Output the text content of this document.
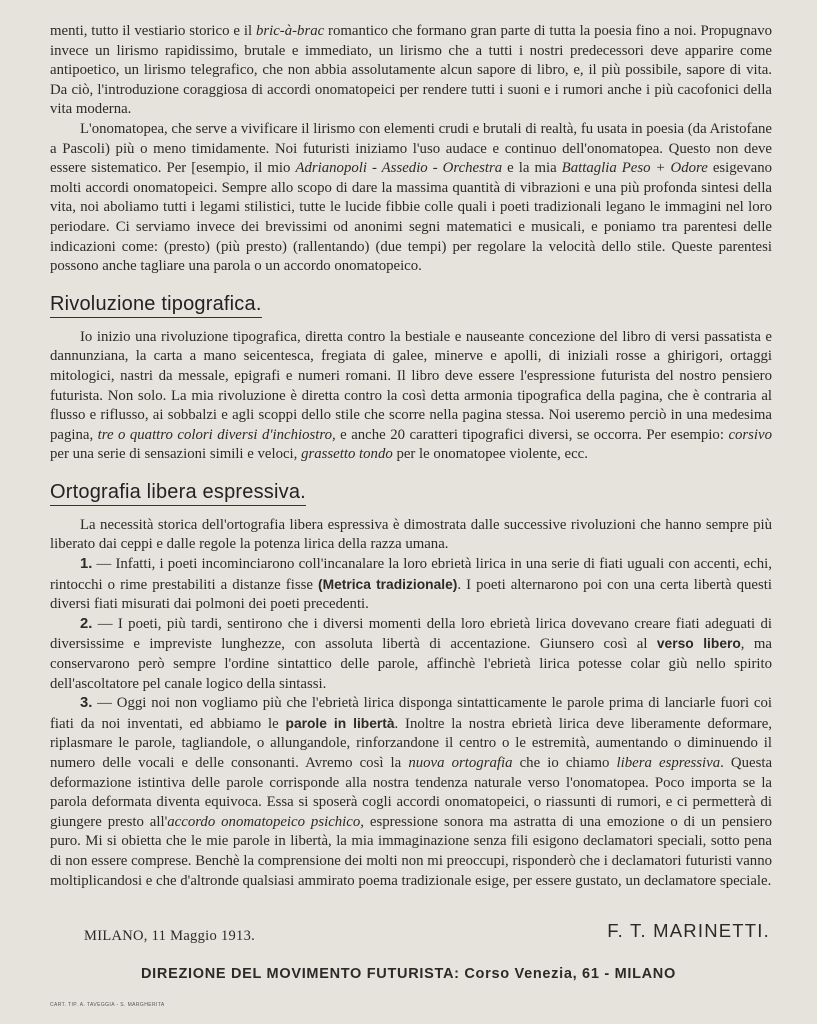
menti, tutto il vestiario storico e il bric-à-brac romantico che formano gran parte di tutta la poesia fino a noi. Propugnavo invece un lirismo rapidissimo, brutale e immediato, un lirismo che a tutti i nostri predecessori deve apparire come antipoetico, un lirismo telegrafico, che non abbia assolutamente alcun sapore di libro, e, il più possibile, sapore di vita. Da ciò, l'introduzione coraggiosa di accordi onomatopeici per rendere tutti i suoni e i rumori anche i più cacofonici della vita moderna.

L'onomatopea, che serve a vivificare il lirismo con elementi crudi e brutali di realtà, fu usata in poesia (da Aristofane a Pascoli) più o meno timidamente. Noi futuristi iniziamo l'uso audace e continuo dell'onomatopea. Questo non deve essere sistematico. Per [esempio, il mio Adrianopoli - Assedio - Orchestra e la mia Battaglia Peso + Odore esigevano molti accordi onomatopeici. Sempre allo scopo di dare la massima quantità di vibrazioni e una più profonda sintesi della vita, noi aboliamo tutti i legami stilistici, tutte le lucide fibbie colle quali i poeti tradizionali legano le immagini nel loro periodare. Ci serviamo invece dei brevissimi od anonimi segni matematici e musicali, e poniamo tra parentesi delle indicazioni come: (presto) (più presto) (rallentando) (due tempi) per regolare la velocità dello stile. Queste parentesi possono anche tagliare una parola o un accordo onomatopeico.

Rivoluzione tipografica.

Io inizio una rivoluzione tipografica, diretta contro la bestiale e nauseante concezione del libro di versi passatista e dannunziana, la carta a mano seicentesca, fregiata di galee, minerve e apolli, di iniziali rosse a ghirigori, ortaggi mitologici, nastri da messale, epigrafi e numeri romani. Il libro deve essere l'espressione futurista del nostro pensiero futurista. Non solo. La mia rivoluzione è diretta contro la così detta armonia tipografica della pagina, che è contraria al flusso e riflusso, ai sobbalzi e agli scoppi dello stile che scorre nella pagina stessa. Noi useremo perciò in una medesima pagina, tre o quattro colori diversi d'inchiostro, e anche 20 caratteri tipografici diversi, se occorra. Per esempio: corsivo per una serie di sensazioni simili e veloci, grassetto tondo per le onomatopee violente, ecc.

Ortografia libera espressiva.

La necessità storica dell'ortografia libera espressiva è dimostrata dalle successive rivoluzioni che hanno sempre più liberato dai ceppi e dalle regole la potenza lirica della razza umana.

1. — Infatti, i poeti incominciarono coll'incanalare la loro ebrietà lirica in una serie di fiati uguali con accenti, echi, rintocchi o rime prestabiliti a distanze fisse (Metrica tradizionale). I poeti alternarono poi con una certa libertà questi diversi fiati misurati dai polmoni dei poeti precedenti.

2. — I poeti, più tardi, sentirono che i diversi momenti della loro ebrietà lirica dovevano creare fiati adeguati di diversissime e impreviste lunghezze, con assoluta libertà di accentazione. Giunsero così al verso libero, ma conservarono però sempre l'ordine sintattico delle parole, affinchè l'ebrietà lirica potesse colar giù nello spirito dell'ascoltatore pel canale logico della sintassi.

3. — Oggi noi non vogliamo più che l'ebrietà lirica disponga sintatticamente le parole prima di lanciarle fuori coi fiati da noi inventati, ed abbiamo le parole in libertà. Inoltre la nostra ebrietà lirica deve liberamente deformare, riplasmare le parole, tagliandole, o allungandole, rinforzandone il centro o le estremità, aumentando o diminuendo il numero delle vocali e delle consonanti. Avremo così la nuova ortografia che io chiamo libera espressiva. Questa deformazione istintiva delle parole corrisponde alla nostra tendenza naturale verso l'onomatopea. Poco importa se la parola deformata diventa equivoca. Essa si sposerà cogli accordi onomatopeici, o riassunti di rumori, e ci permetterà di giungere presto all'accordo onomatopeico psichico, espressione sonora ma astratta di una emozione o di un pensiero puro. Mi si obietta che le mie parole in libertà, la mia immaginazione senza fili esigono declamatori speciali, sotto pena di non essere comprese. Benchè la comprensione dei molti non mi preoccupi, risponderò che i declamatori futuristi vanno moltiplicandosi e che d'altronde qualsiasi ammirato poema tradizionale esige, per essere gustato, un declamatore speciale.

MILANO, 11 Maggio 1913.	F. T. MARINETTI.
DIREZIONE DEL MOVIMENTO FUTURISTA: Corso Venezia, 61 - MILANO
CART. TIP. A. TAVEGGIA - S. MARGHERITA
